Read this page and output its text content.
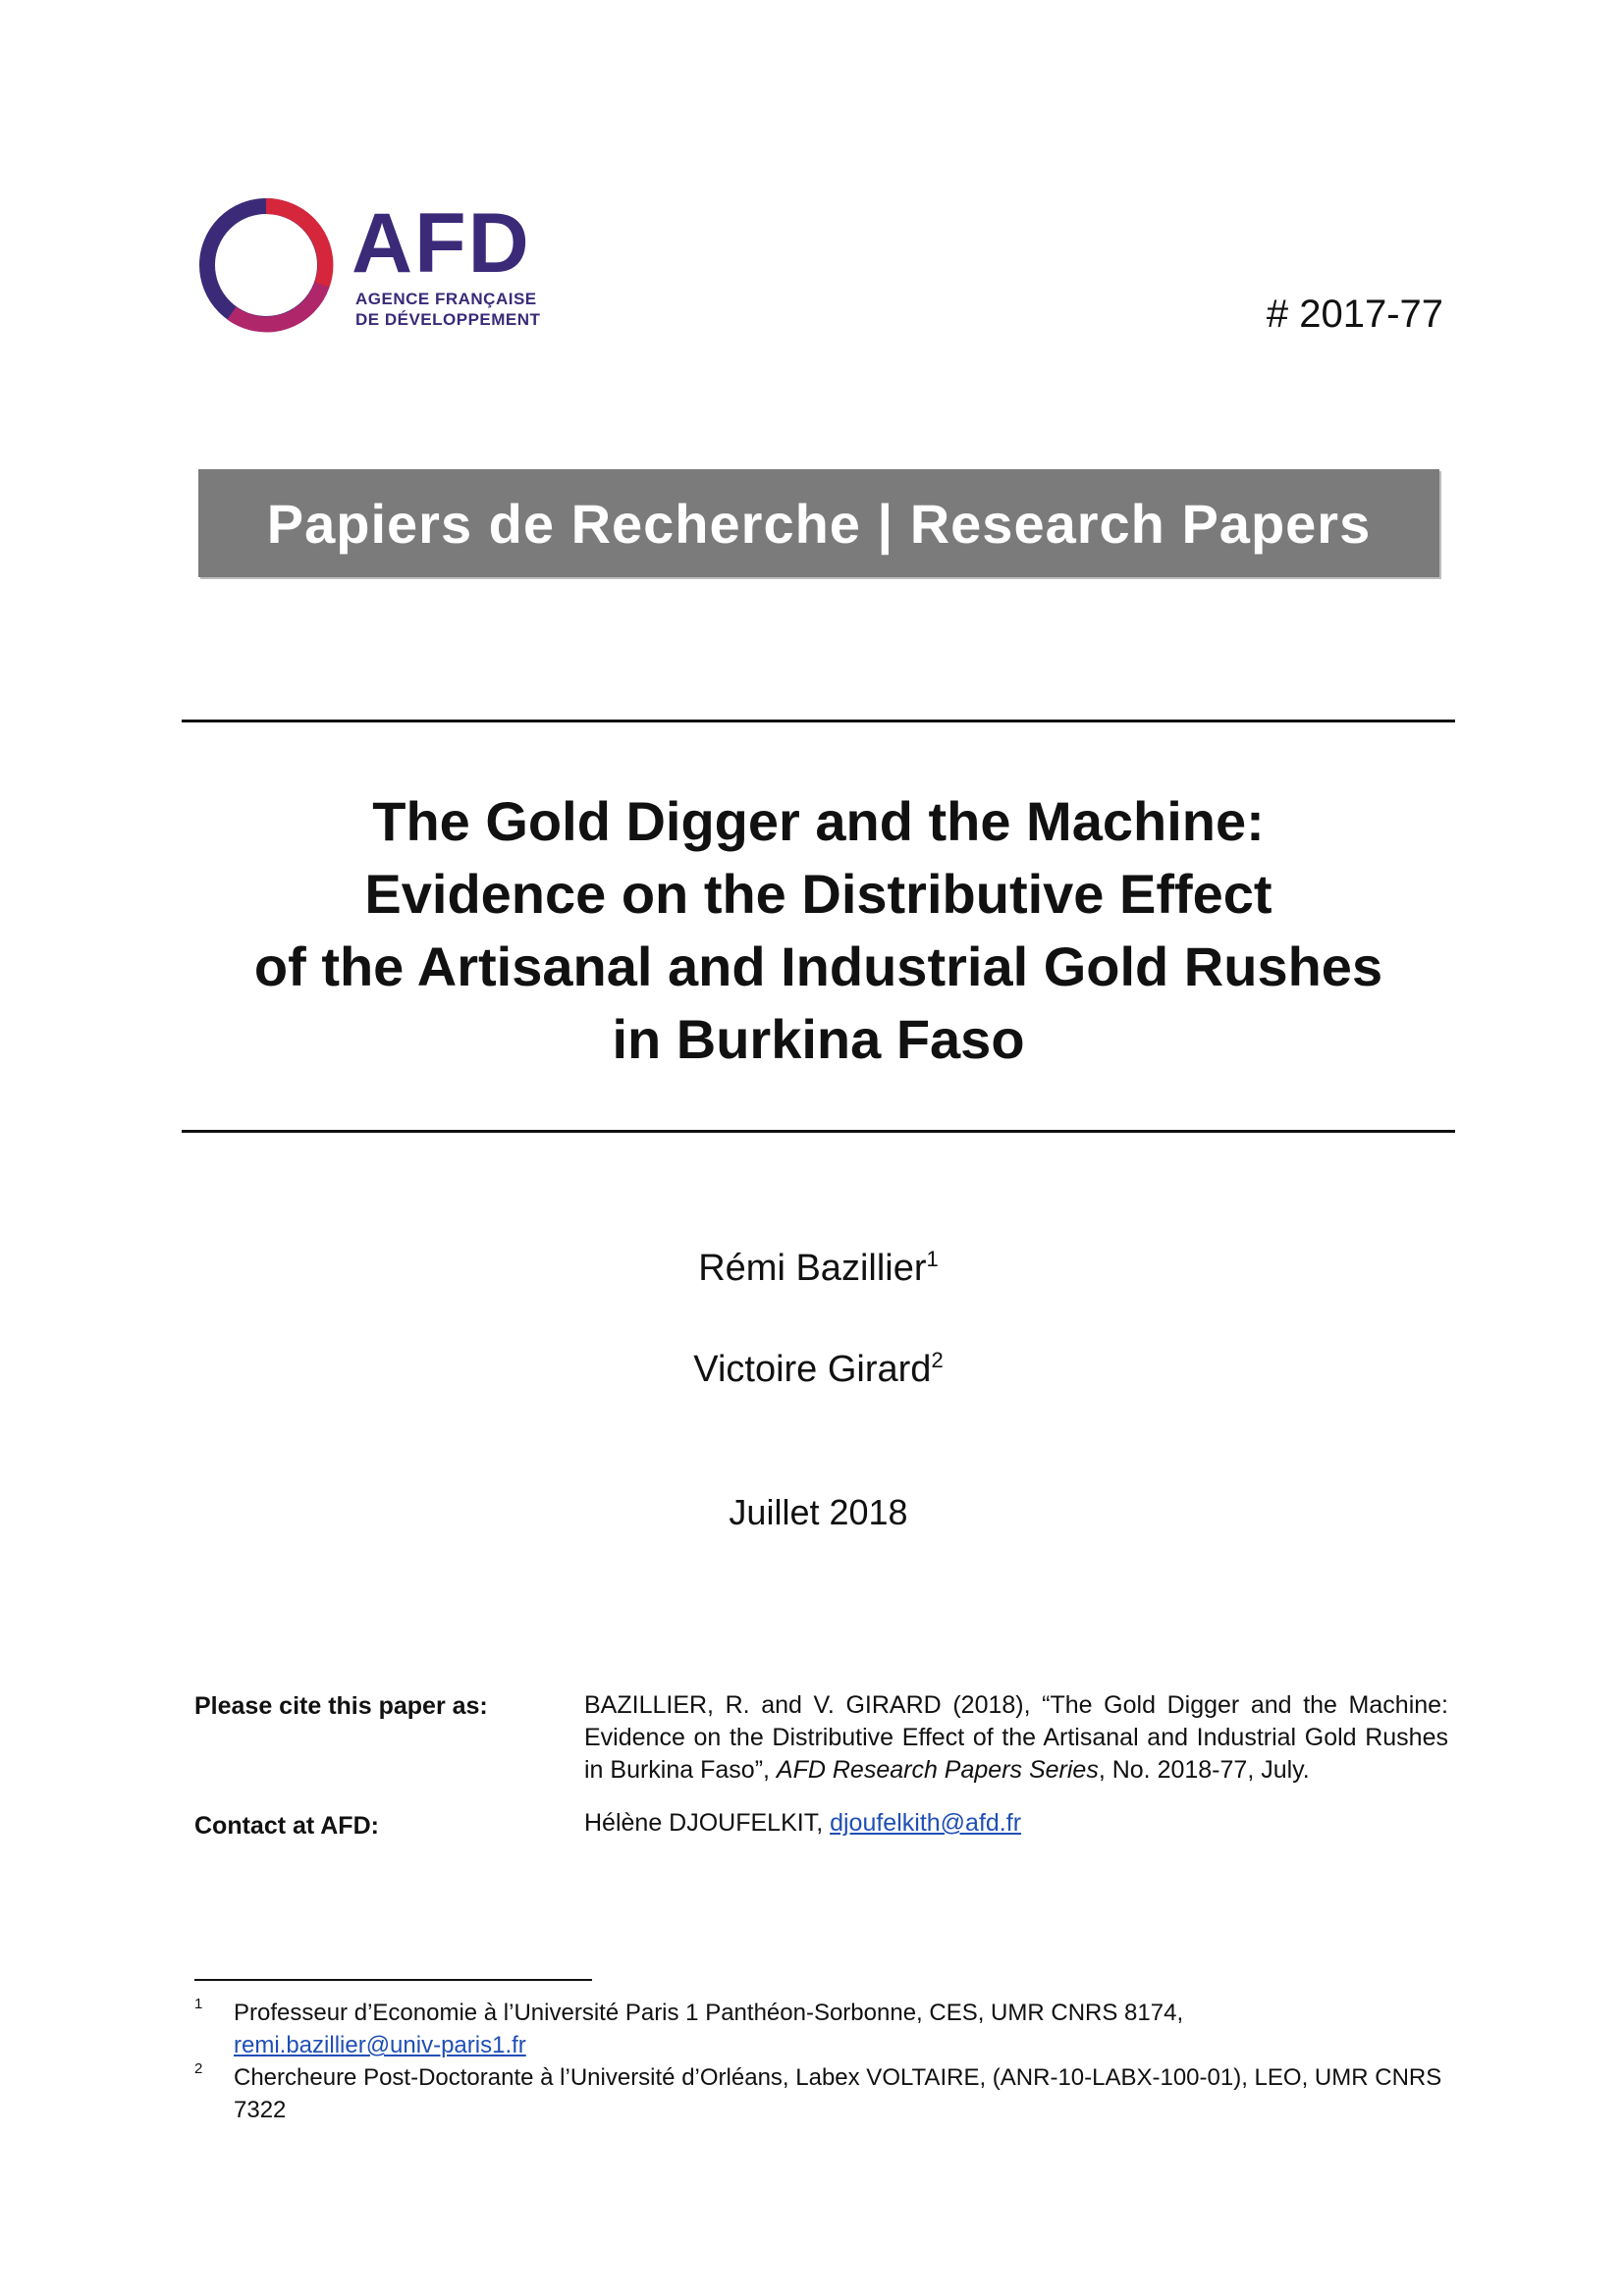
AFD
AGENCE FRANÇAISE
DE DÉVELOPPEMENT	# 2017-77
Papiers de Recherche | Research Papers
The Gold Digger and the Machine:
Evidence on the Distributive Effect
of the Artisanal and Industrial Gold Rushes
in Burkina Faso
Rémi Bazillier$^1$
Victoire Girard$^2$
Juillet 2018
Please cite this paper as:	BAZILLIER, R. and V. GIRARD (2018), “The Gold Digger and the Machine: Evidence on the Distributive Effect of the Artisanal and Industrial Gold Rushes in Burkina Faso”, AFD Research Papers Series, No. 2018-77, July.
Contact at AFD:	Hélène DJOUFELKIT, djoufelkith@afd.fr
1 Professeur d’Economie à l’Université Paris 1 Panthéon-Sorbonne, CES, UMR CNRS 8174,
remi.bazillier@univ-paris1.fr
2 Chercheure Post-Doctorante à l’Université d’Orléans, Labex VOLTAIRE, (ANR-10-LABX-100-01), LEO, UMR CNRS 7322
